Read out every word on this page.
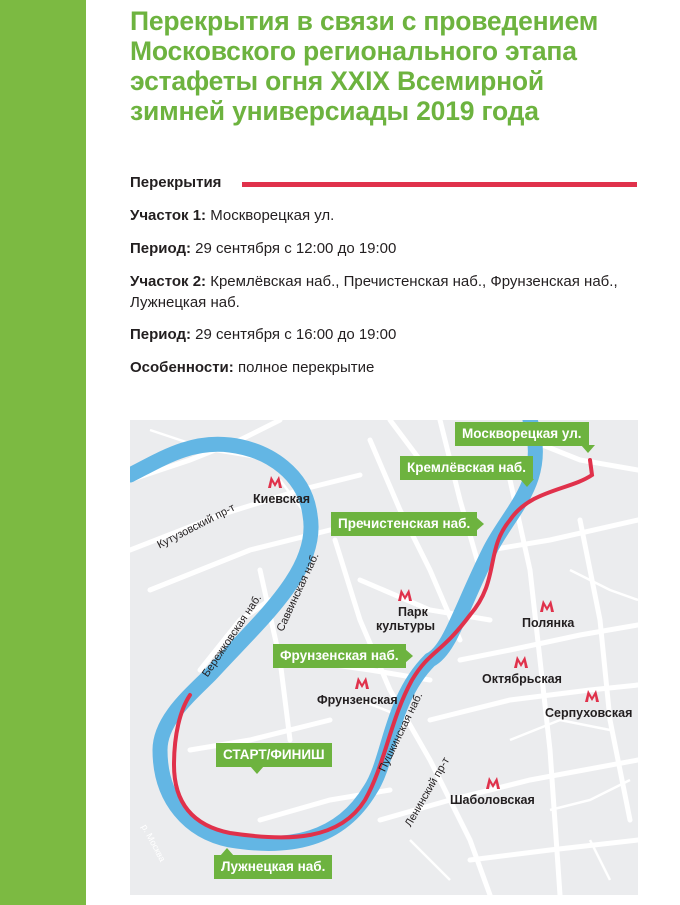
Перекрытия в связи с проведением
Московского регионального этапа
эстафеты огня XXIX Всемирной
зимней универсиады 2019 года
Перекрытия
Участок 1: Москворецкая ул.
Период: 29 сентября с 12:00 до 19:00
Участок 2: Кремлёвская наб., Пречистенская наб., Фрунзенская наб., Лужнецкая наб.
Период: 29 сентября с 16:00 до 19:00
Особенности: полное перекрытие
Киевская
Парк
культуры	Полянка
Октябрьская
Фрунзенская
Серпуховская
Шаболовская
Кутузовский пр-т
Бережковская наб.
Саввинская наб.
Пушкинская наб.
Ленинский пр-т
р. Москва
Москворецкая ул.
Кремлёвская наб.
Пречистенская наб.
Фрунзенская наб.
СТАРТ/ФИНИШ
Лужнецкая наб.
